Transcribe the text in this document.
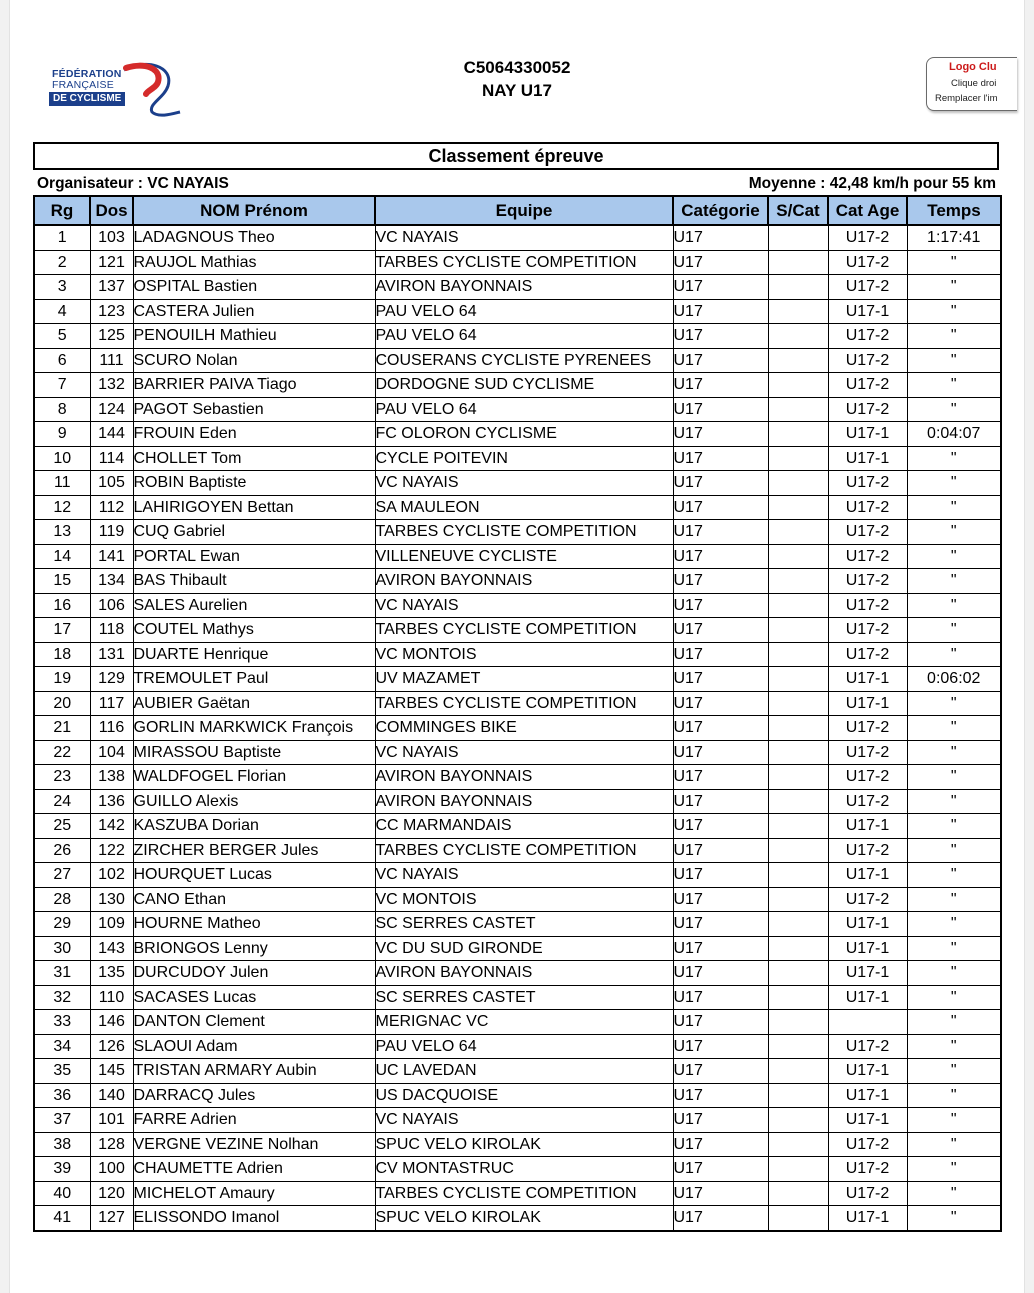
FÉDÉRATION
FRANÇAISE
DE CYCLISME
C5064330052
NAY U17
Logo Clu
Clique droi
Remplacer l'im
Classement épreuve
Organisateur : VC NAYAIS	Moyenne : 42,48 km/h pour 55 km
Rg	Dos	NOM Prénom	Equipe	Catégorie	S/Cat	Cat Age	Temps
1	103	LADAGNOUS Theo	VC NAYAIS	U17		U17-2	1:17:41
2	121	RAUJOL Mathias	TARBES CYCLISTE COMPETITION	U17		U17-2	"
3	137	OSPITAL Bastien	AVIRON BAYONNAIS	U17		U17-2	"
4	123	CASTERA Julien	PAU VELO 64	U17		U17-1	"
5	125	PENOUILH Mathieu	PAU VELO 64	U17		U17-2	"
6	111	SCURO Nolan	COUSERANS CYCLISTE PYRENEES	U17		U17-2	"
7	132	BARRIER PAIVA Tiago	DORDOGNE SUD CYCLISME	U17		U17-2	"
8	124	PAGOT Sebastien	PAU VELO 64	U17		U17-2	"
9	144	FROUIN Eden	FC OLORON CYCLISME	U17		U17-1	0:04:07
10	114	CHOLLET Tom	CYCLE POITEVIN	U17		U17-1	"
11	105	ROBIN Baptiste	VC NAYAIS	U17		U17-2	"
12	112	LAHIRIGOYEN Bettan	SA MAULEON	U17		U17-2	"
13	119	CUQ Gabriel	TARBES CYCLISTE COMPETITION	U17		U17-2	"
14	141	PORTAL Ewan	VILLENEUVE CYCLISTE	U17		U17-2	"
15	134	BAS Thibault	AVIRON BAYONNAIS	U17		U17-2	"
16	106	SALES Aurelien	VC NAYAIS	U17		U17-2	"
17	118	COUTEL Mathys	TARBES CYCLISTE COMPETITION	U17		U17-2	"
18	131	DUARTE Henrique	VC MONTOIS	U17		U17-2	"
19	129	TREMOULET Paul	UV MAZAMET	U17		U17-1	0:06:02
20	117	AUBIER Gaëtan	TARBES CYCLISTE COMPETITION	U17		U17-1	"
21	116	GORLIN MARKWICK François	COMMINGES BIKE	U17		U17-2	"
22	104	MIRASSOU Baptiste	VC NAYAIS	U17		U17-2	"
23	138	WALDFOGEL Florian	AVIRON BAYONNAIS	U17		U17-2	"
24	136	GUILLO Alexis	AVIRON BAYONNAIS	U17		U17-2	"
25	142	KASZUBA Dorian	CC MARMANDAIS	U17		U17-1	"
26	122	ZIRCHER BERGER Jules	TARBES CYCLISTE COMPETITION	U17		U17-2	"
27	102	HOURQUET Lucas	VC NAYAIS	U17		U17-1	"
28	130	CANO Ethan	VC MONTOIS	U17		U17-2	"
29	109	HOURNE Matheo	SC SERRES CASTET	U17		U17-1	"
30	143	BRIONGOS Lenny	VC DU SUD GIRONDE	U17		U17-1	"
31	135	DURCUDOY Julen	AVIRON BAYONNAIS	U17		U17-1	"
32	110	SACASES Lucas	SC SERRES CASTET	U17		U17-1	"
33	146	DANTON Clement	MERIGNAC VC	U17			"
34	126	SLAOUI Adam	PAU VELO 64	U17		U17-2	"
35	145	TRISTAN ARMARY Aubin	UC LAVEDAN	U17		U17-1	"
36	140	DARRACQ Jules	US DACQUOISE	U17		U17-1	"
37	101	FARRE Adrien	VC NAYAIS	U17		U17-1	"
38	128	VERGNE VEZINE Nolhan	SPUC VELO KIROLAK	U17		U17-2	"
39	100	CHAUMETTE Adrien	CV MONTASTRUC	U17		U17-2	"
40	120	MICHELOT Amaury	TARBES CYCLISTE COMPETITION	U17		U17-2	"
41	127	ELISSONDO Imanol	SPUC VELO KIROLAK	U17		U17-1	"
